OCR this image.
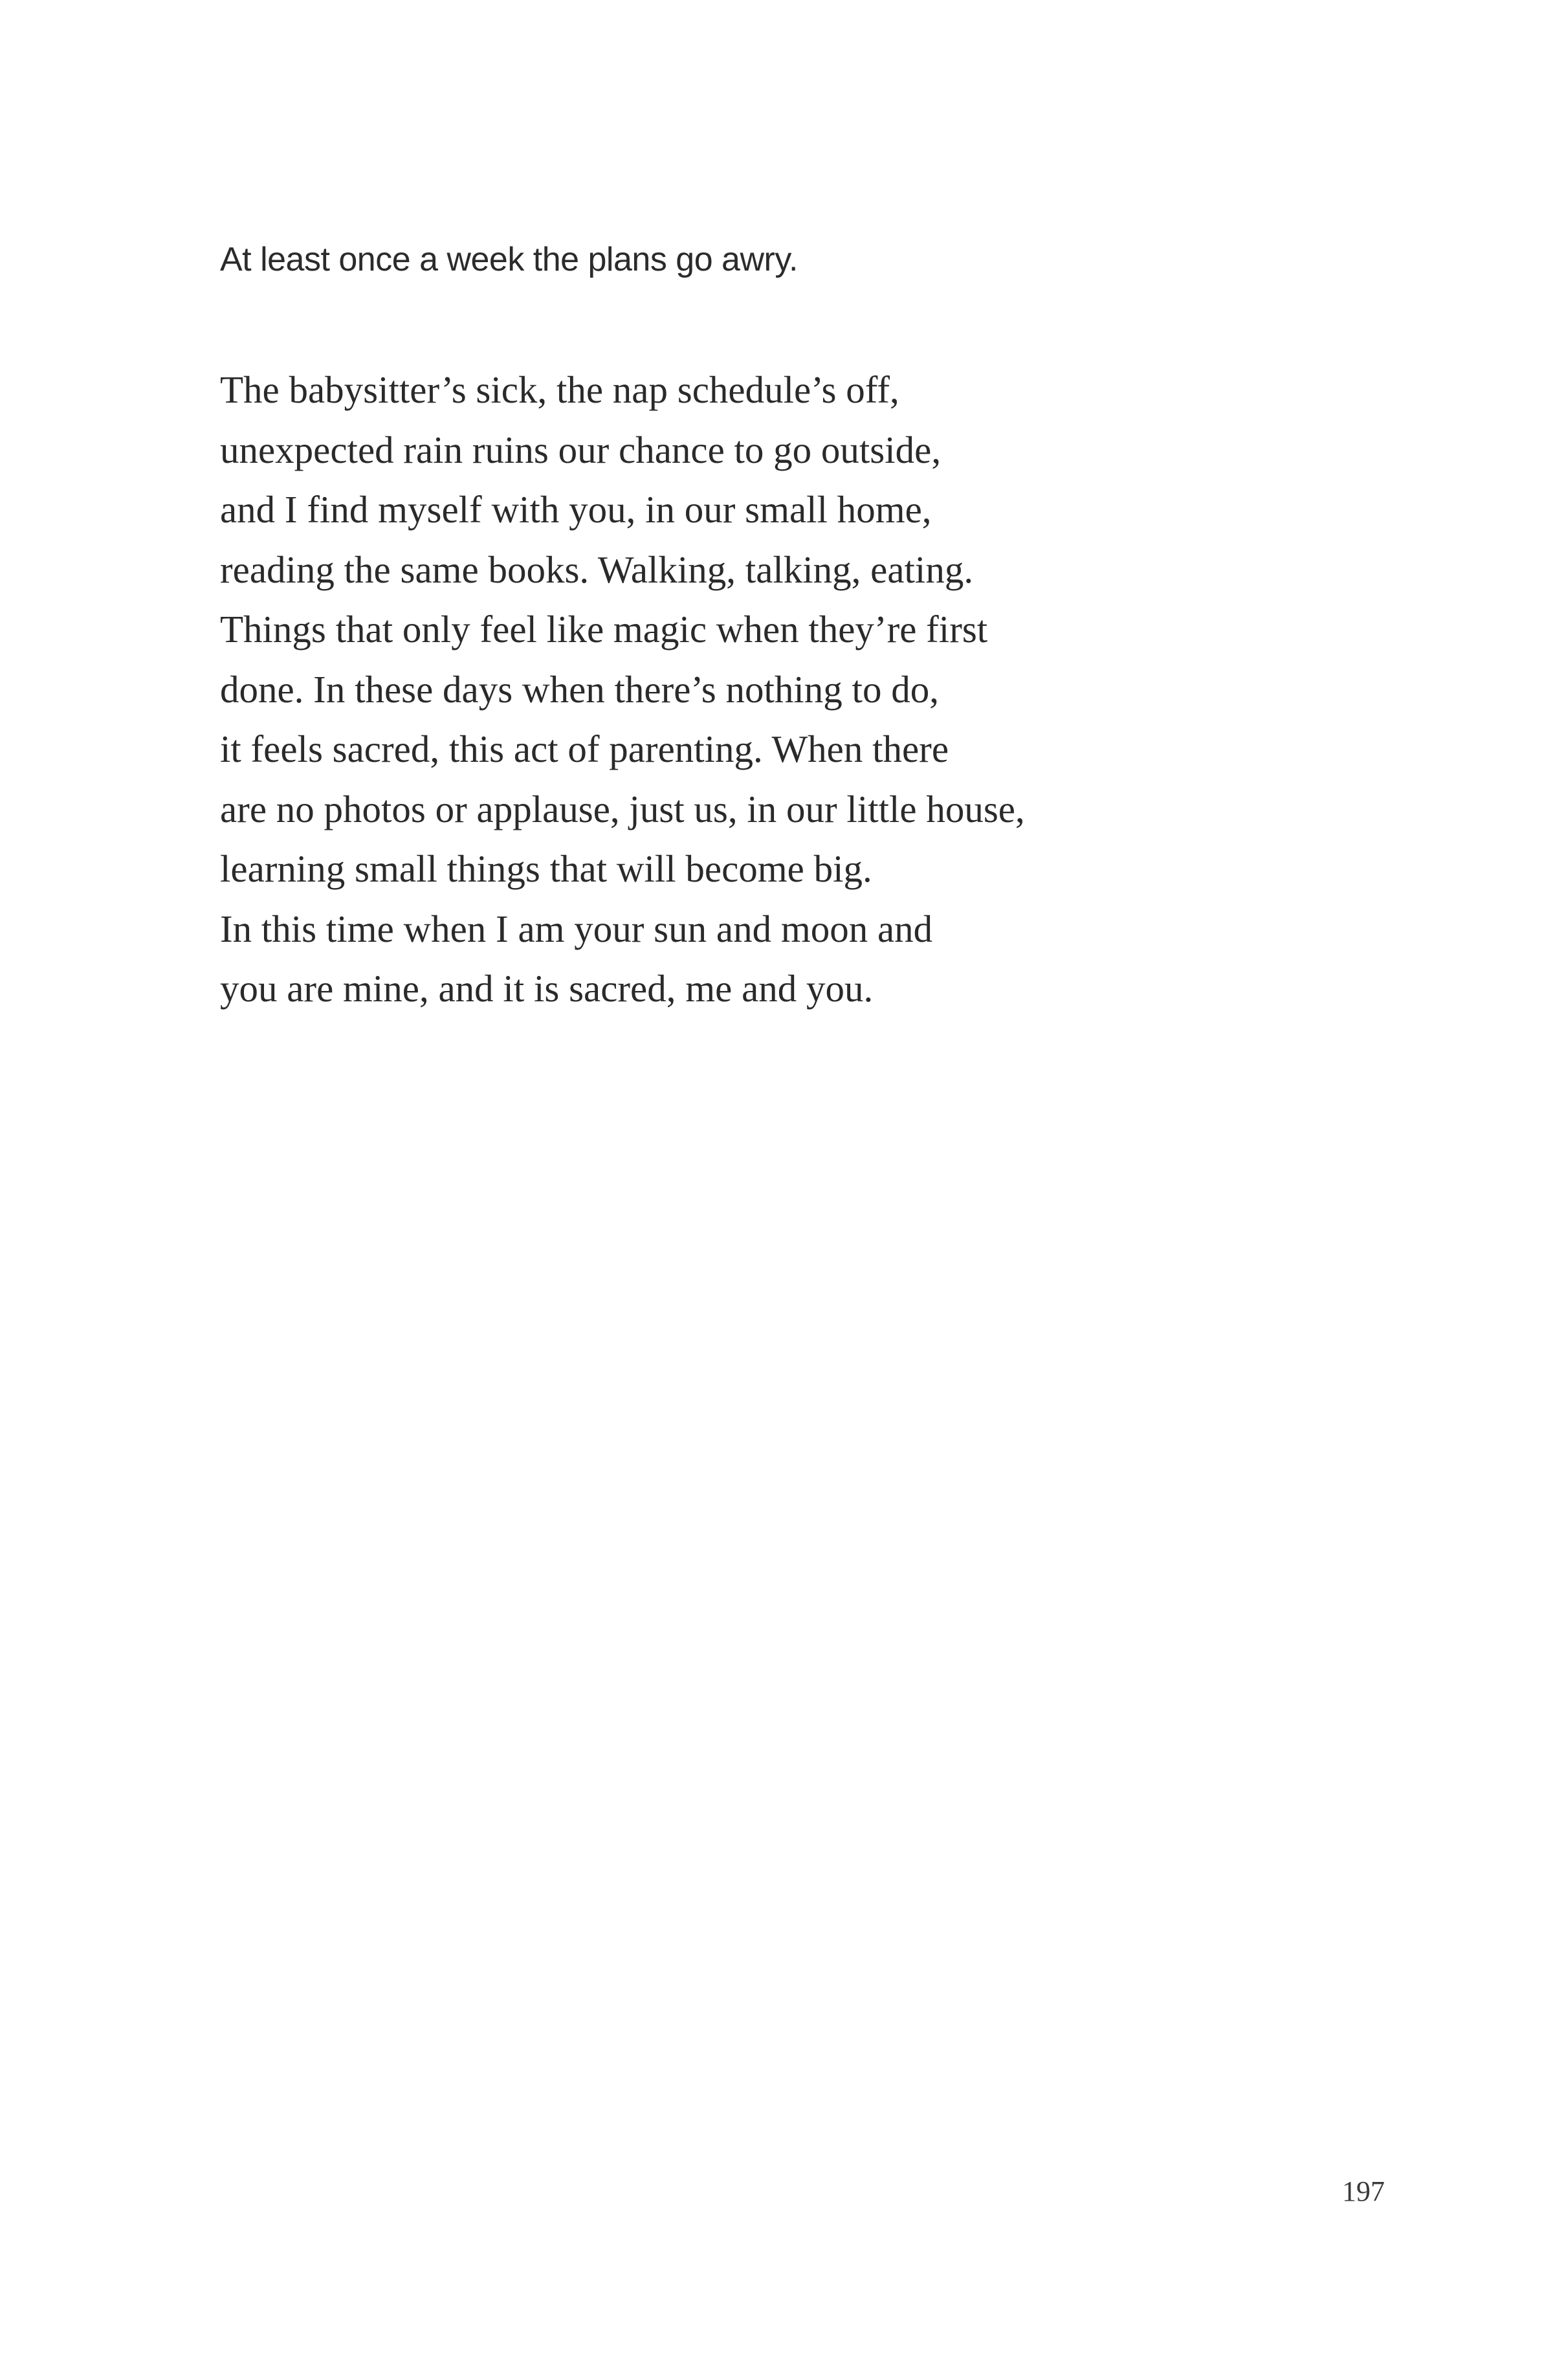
At least once a week the plans go awry.
The babysitter’s sick, the nap schedule’s off,
unexpected rain ruins our chance to go outside,
and I find myself with you, in our small home,
reading the same books. Walking, talking, eating.
Things that only feel like magic when they’re first
done. In these days when there’s nothing to do,
it feels sacred, this act of parenting. When there
are no photos or applause, just us, in our little house,
learning small things that will become big.
In this time when I am your sun and moon and
you are mine, and it is sacred, me and you.
197
